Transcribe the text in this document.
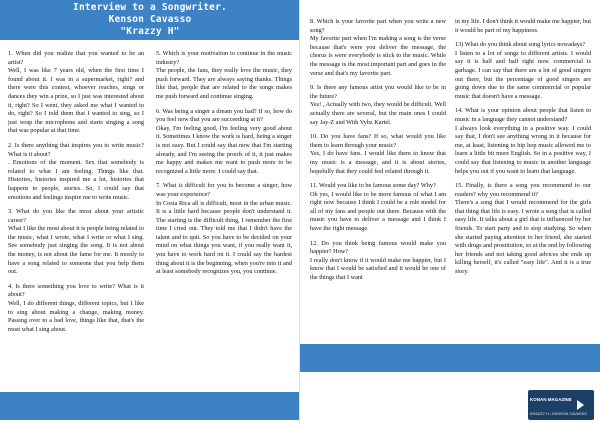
Interview to a Songwriter.
Kenson Cavasso
"Krazzy H"

1. When did you realize that you wanted to be an artist?
Well, I was like 7 years old, when the first time I found about it. I was in a supermarket, right? and there were this contest, whoever reaches, sings or dances they win a prize, so I just was interested about it, right? So I went, they asked me what I wanted to do, right? So I told them that I wanted to sing, so I just wrap the microphone and starts singing a song that was popular at that time.

2. Is there anything that inspires you to write music? What is it about?
. Emotions of the moment. Sex that somebody is related to what I am feeling. Things like that. Histories, histories inspired me a lot, histories that happens to people, stories. So, I could say that emotions and feelings inspire me to write music.

3. What do you like the most about your artistic career?
What I like the most about it is people being related to the music, what I wrote, what I write or what I sing. See somebody just singing the song. It is not about the money, is not about the fame for me. It mostly to have a song related to someone that you help them out.

4. Is there something you love to write? What is it about?
Well, I do different things, different topics, but I like to sing about making a change, making money. Passing over to a bad love, things like that, that's the most what I sing about.

5. Which is your motivation to continue in the music industry?
The people, the fans, they really love the music, they push forward. They are always saying thanks. Things like that, people that are related to the songs makes me push forward and continue singing.

6. Was being a singer a dream you had? If so, how do you feel now that you are succeeding at it?
Okay, I'm feeling good, I'm feeling very good about it. Sometimes I know the work is hard, being a singer is not easy. But I could say that now that I'm starting already, and I'm seeing the proofs of it, it just makes me happy and makes me want to push more to be recognized a little more. I could say that.

7. What is difficult for you to become a singer, how was your experience?
In Costa Rica all is difficult, most in the urban music. It is a little hard because people don't understand it. The starting is the difficult thing, I remember the first time I cried out. They told me that I didn't have the talent and to quit. So you have to be decided on your mind on what things you want, if you really want it, you have to work hard on it. I could say the hardest thing about it is the beginning, when you're into it and at least somebody recognizes you, you continue.

8. Which is your favorite part when you write a new song?
My favorite part when I'm making a song is the verse because that's were you deliver the message, the chorus is were everybody is stick to the music. While the message is the most important part and goes in the verse and that's my favorite part.

9. Is there any famous artist you would like to be in the future?
Yes! , Actually with two, they would be difficult. Well actually there are several, but the main ones I could say Jay-Z and With Vybz Kartel.

10. Do you have fans? If so, what would you like them to learn through your music?
Yes, I do have fans. I would like them to know that my music is a message, and it is about stories, hopefully that they could feel related through it.

11. Would you like to be famous some day? Why?
Oh yes, I would like to be more famous of what I am right now because I think I could be a role model for all of my fans and people out there. Because with the music you have to deliver a message and I think I have the right message.

12. Do you think being famous would make you happier? How?
I really don't know if it would make me happier, but I know that I would be satisfied and it would be one of the things that I want

in my life. I don't think it would make me happier, but it would be part of my happiness.

13) What do you think about song lyrics nowadays?
I listen to a lot of songs to different artists. I would say it is half and half right now. commercial is garbage. I can say that there are a lot of good singers out there, but the percentage of good singers are going down due to the same commercial or popular music that doesn't have a message.

14. What is your opinion about people that listen to music in a language they cannot understand?
I always look everything in a positive way. I could say that, I don't see anything wrong in it because for me, at least, listening to hip hop music allowed me to learn a little bit more English. So in a positive way, I could say that listening to music in another language helps you out if you want to learn that language.

15. Finally, is there a song you recommend to our readers? why you recommend it?
There's a song that I would recommend for the girls that thing that life is easy. I wrote a song that is called easy life. It talks about a girl that is influenced by her friends. To start party and to stop studying. So when she started paying attention to her friend, she started with drugs and prostitution, so at the end by following her friends and not taking good advices she ends up killing herself, it's called "easy life". And it is a true story.

KONAN MAGAZINE
KRAZZY H • KENSON CAVASSO
